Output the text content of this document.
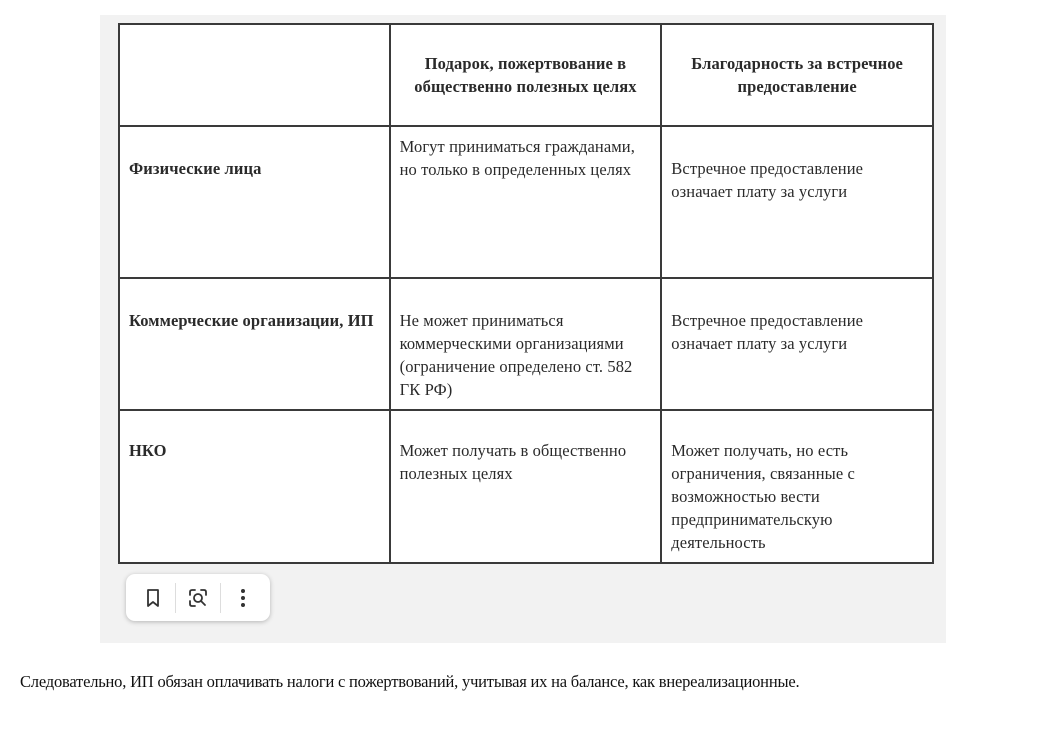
	Подарок, пожертвование в общественно полезных целях	Благодарность за встречное предоставление
Физические лица	Могут приниматься гражданами, но только в определенных целях	Встречное предоставление означает плату за услуги
Коммерческие организации, ИП	Не может приниматься коммерческими организациями (ограничение определено ст. 582 ГК РФ)	Встречное предоставление означает плату за услуги
НКО	Может получать в общественно полезных целях	Может получать, но есть ограничения, связанные с возможностью вести предпринимательскую деятельность
Следовательно, ИП обязан оплачивать налоги с пожертвований, учитывая их на балансе, как внереализационные.
